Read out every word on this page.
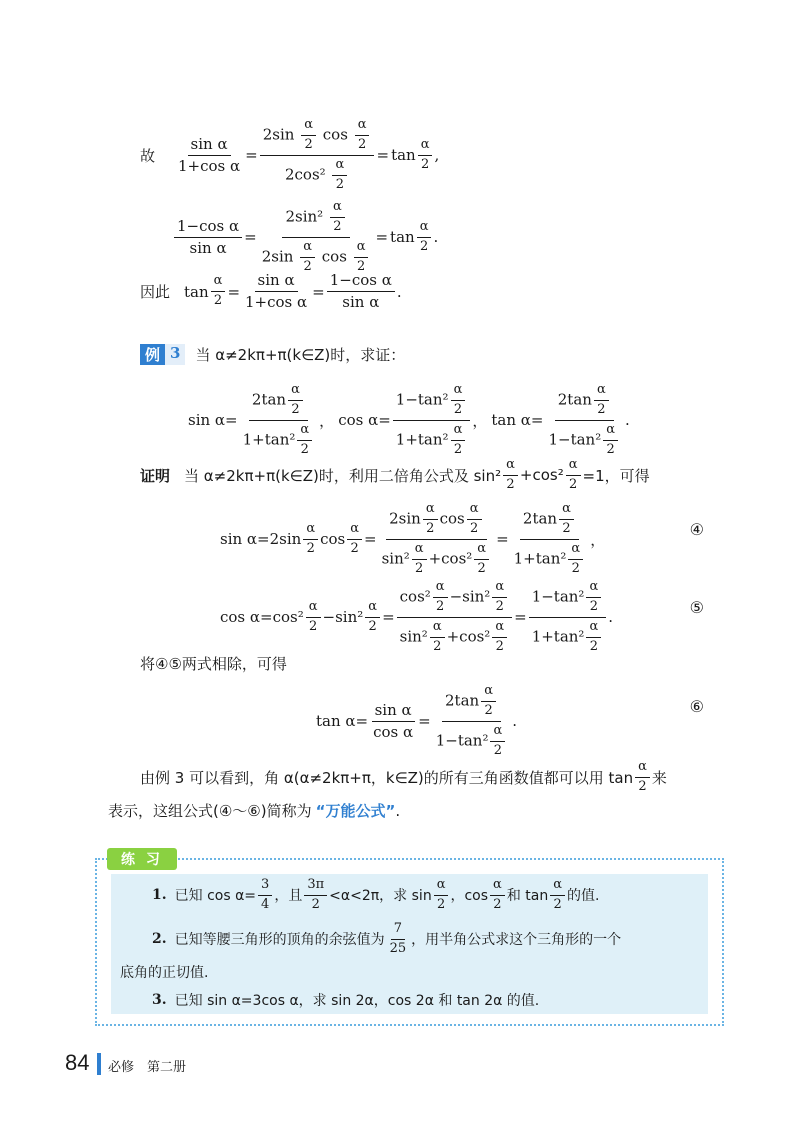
故 $\frac{\text{sin α}}{\text{1+cos α}} = \frac{2\sin \frac{\alpha}{2} \cos \frac{\alpha}{2}}{2\cos^2 \frac{\alpha}{2}} = \tan \frac{\alpha}{2}$ ,
$\frac{\text{1−cos α}}{\text{sin α}} = \frac{2\sin^2 \frac{\alpha}{2}}{2\sin \frac{\alpha}{2} \cos \frac{\alpha}{2}} = \tan \frac{\alpha}{2}$ .
因此 $\tan \frac{\alpha}{2} = \frac{\text{sin α}}{\text{1+cos α}} = \frac{\text{1−cos α}}{\text{sin α}}$ .
例 3	当 α≠2kπ+π(k∈Z)时，求证：
$\sin \alpha= \frac{2\tan \frac{\alpha}{2}}{1+\tan^2 \frac{\alpha}{2}}$ ， $\cos \alpha= \frac{1-\tan^2 \frac{\alpha}{2}}{1+\tan^2 \frac{\alpha}{2}}$ ， $\tan \alpha= \frac{2\tan \frac{\alpha}{2}}{1-\tan^2 \frac{\alpha}{2}}$ .
证明 当 α≠2kπ+π(k∈Z)时，利用二倍角公式及 $\sin^2 \frac{\alpha}{2} +\cos^2 \frac{\alpha}{2} =1$，可得
$\sin \alpha=2\sin \frac{\alpha}{2}$ $\cos \frac{\alpha}{2} = \frac{2\sin \frac{\alpha}{2} \cos \frac{\alpha}{2}}{\sin^2 \frac{\alpha}{2} +\cos^2 \frac{\alpha}{2}} = \frac{2\tan \frac{\alpha}{2}}{1+\tan^2 \frac{\alpha}{2}}$ ，
④
$\cos \alpha=\cos^2 \frac{\alpha}{2} -\sin^2 \frac{\alpha}{2} = \frac{\cos^2 \frac{\alpha}{2} -\sin^2 \frac{\alpha}{2}}{\sin^2 \frac{\alpha}{2} +\cos^2 \frac{\alpha}{2}} = \frac{1-\tan^2 \frac{\alpha}{2}}{1+\tan^2 \frac{\alpha}{2}}$ .
⑤
将④⑤两式相除，可得
$\tan \alpha= \frac{\text{sin α}}{\text{cos α}} = \frac{2\tan \frac{\alpha}{2}}{1-\tan^2 \frac{\alpha}{2}}$ .
⑥
由例 3 可以看到，角 α(α≠2kπ+π，k∈Z)的所有三角函数值都可以用 $\tan \frac{\alpha}{2}$ 来
表示，这组公式(④～⑥)简称为 “万能公式” .
练 习
1. 已知 $\cos \alpha= \frac{3}{4}$ ，且 $\frac{3\pi}{2} <\alpha<2\pi$，求 $\sin \frac{\alpha}{2}$ ，$\cos \frac{\alpha}{2}$ 和 $\tan \frac{\alpha}{2}$ 的值.
2. 已知等腰三角形的顶角的余弦值为 $\frac{7}{25}$ ，用半角公式求这个三角形的一个
底角的正切值.
3. 已知 sin α=3cos α，求 sin 2α，cos 2α 和 tan 2α 的值.
84 必修　第二册
